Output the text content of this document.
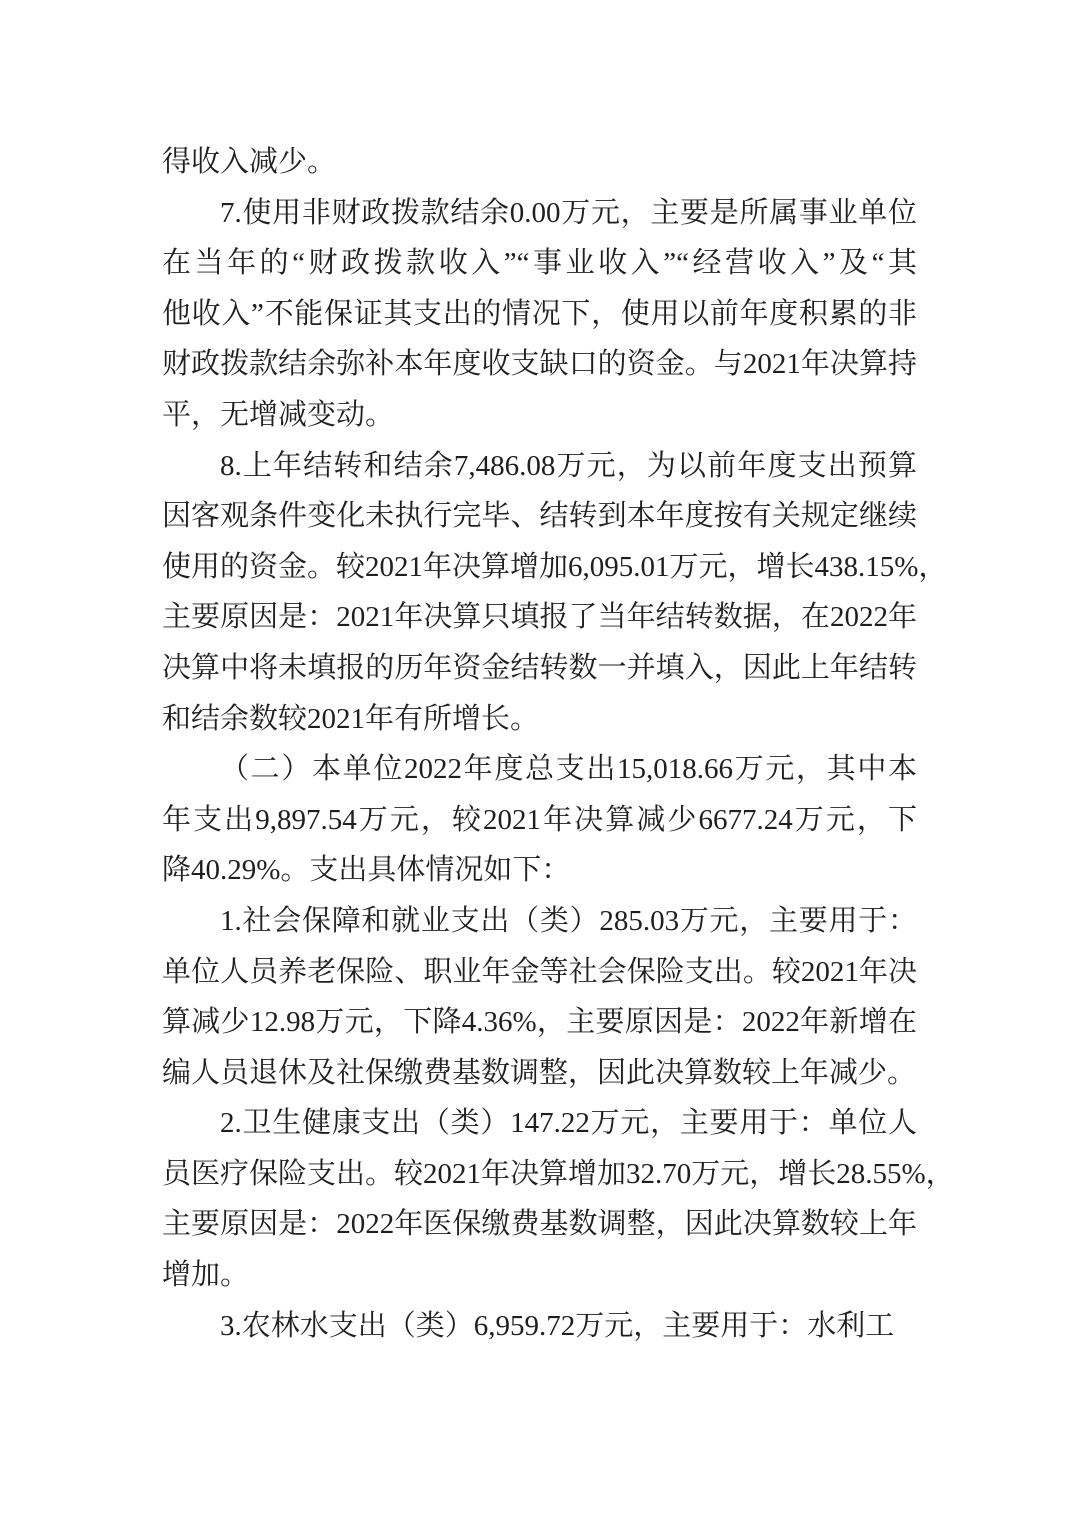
得收入减少。
7.使用非财政拨款结余0.00万元，主要是所属事业单位
在当年的“财政拨款收入”“事业收入”“经营收入”及“其
他收入”不能保证其支出的情况下，使用以前年度积累的非
财政拨款结余弥补本年度收支缺口的资金。与2021年决算持
平，无增减变动。
8.上年结转和结余7,486.08万元，为以前年度支出预算
因客观条件变化未执行完毕、结转到本年度按有关规定继续
使用的资金。较2021年决算增加6,095.01万元，增长438.15%，
主要原因是：2021年决算只填报了当年结转数据，在2022年
决算中将未填报的历年资金结转数一并填入，因此上年结转
和结余数较2021年有所增长。
（二）本单位2022年度总支出15,018.66万元，其中本
年支出9,897.54万元，较2021年决算减少6677.24万元，下
降40.29%。支出具体情况如下：
1.社会保障和就业支出（类）285.03万元，主要用于：
单位人员养老保险、职业年金等社会保险支出。较2021年决
算减少12.98万元，下降4.36%，主要原因是：2022年新增在
编人员退休及社保缴费基数调整，因此决算数较上年减少。
2.卫生健康支出（类）147.22万元，主要用于：单位人
员医疗保险支出。较2021年决算增加32.70万元，增长28.55%，
主要原因是：2022年医保缴费基数调整，因此决算数较上年
增加。
3.农林水支出（类）6,959.72万元，主要用于：水利工
